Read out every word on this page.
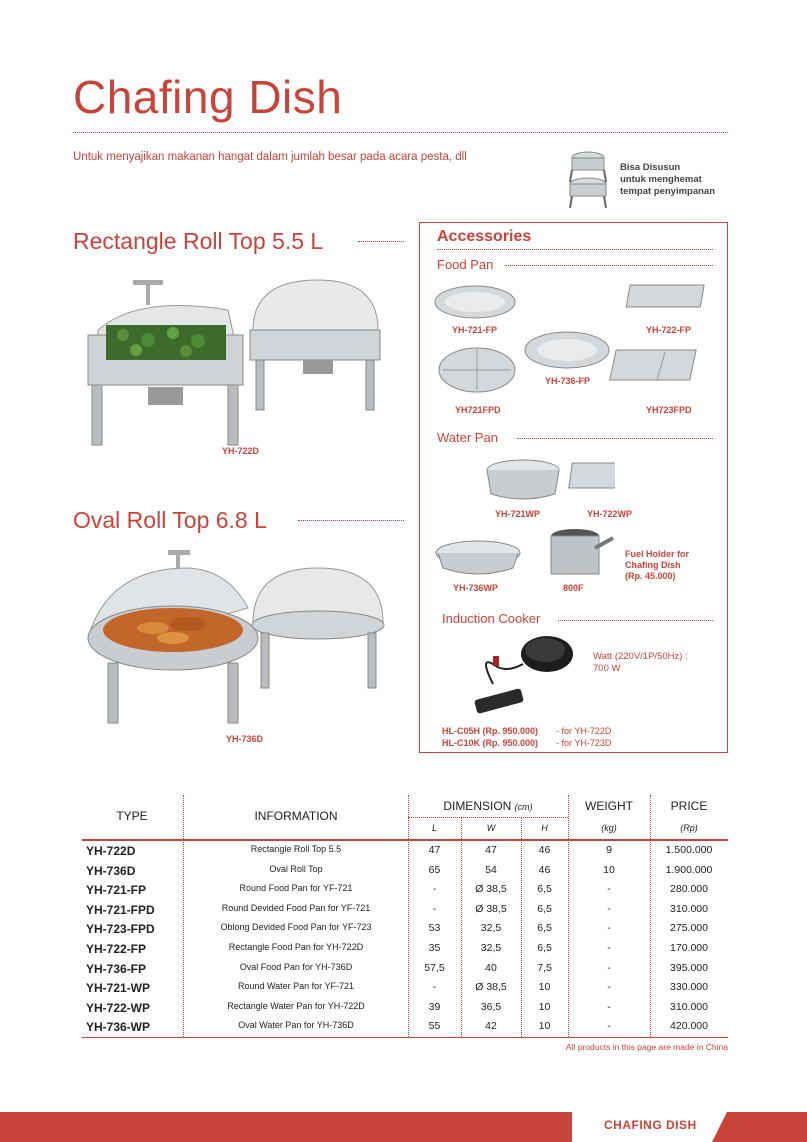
Chafing Dish
Untuk menyajikan makanan hangat dalam jumlah besar pada acara pesta, dll
Bisa Disusun
untuk menghemat
tempat penyimpanan
Rectangle Roll Top 5.5 L
YH-722D
Oval Roll Top 6.8 L
YH-736D
Accessories
Food Pan
YH-721-FP	YH-722-FP
YH-736-FP
YH721FPD	YH723FPD
Water Pan
YH-721WP	YH-722WP
YH-736WP	800F
Fuel Holder for
Chafing Dish
(Rp. 45.000)
Induction Cooker
Watt (220V/1P/50Hz) :
700 W
HL-C05H (Rp. 950.000) - for YH-722D
HL-C10K (Rp. 950.000) - for YH-723D
TYPE	INFORMATION
DIMENSION (cm)
L	W	H
WEIGHT
(kg)
PRICE
(Rp)
YH-722D	Rectangle Roll Top 5.5	47	47	46	9	1.500.000
YH-736D	Oval Roll Top	65	54	46	10	1.900.000
YH-721-FP	Round Food Pan for YF-721	-	Ø 38,5	6,5	-	280.000
YH-721-FPD	Round Devided Food Pan for YF-721	-	Ø 38,5	6,5	-	310.000
YH-723-FPD	Oblong Devided Food Pan for YF-723	53	32,5	6,5	-	275.000
YH-722-FP	Rectangle Food Pan for YH-722D	35	32,5	6,5	-	170.000
YH-736-FP	Oval Food Pan for YH-736D	57,5	40	7,5	-	395.000
YH-721-WP	Round Water Pan for YF-721	-	Ø 38,5	10	-	330.000
YH-722-WP	Rectangle Water Pan for YH-722D	39	36,5	10	-	310.000
YH-736-WP	Oval Water Pan for YH-736D	55	42	10	-	420.000
All products in this page are made in China
CHAFING DISH
